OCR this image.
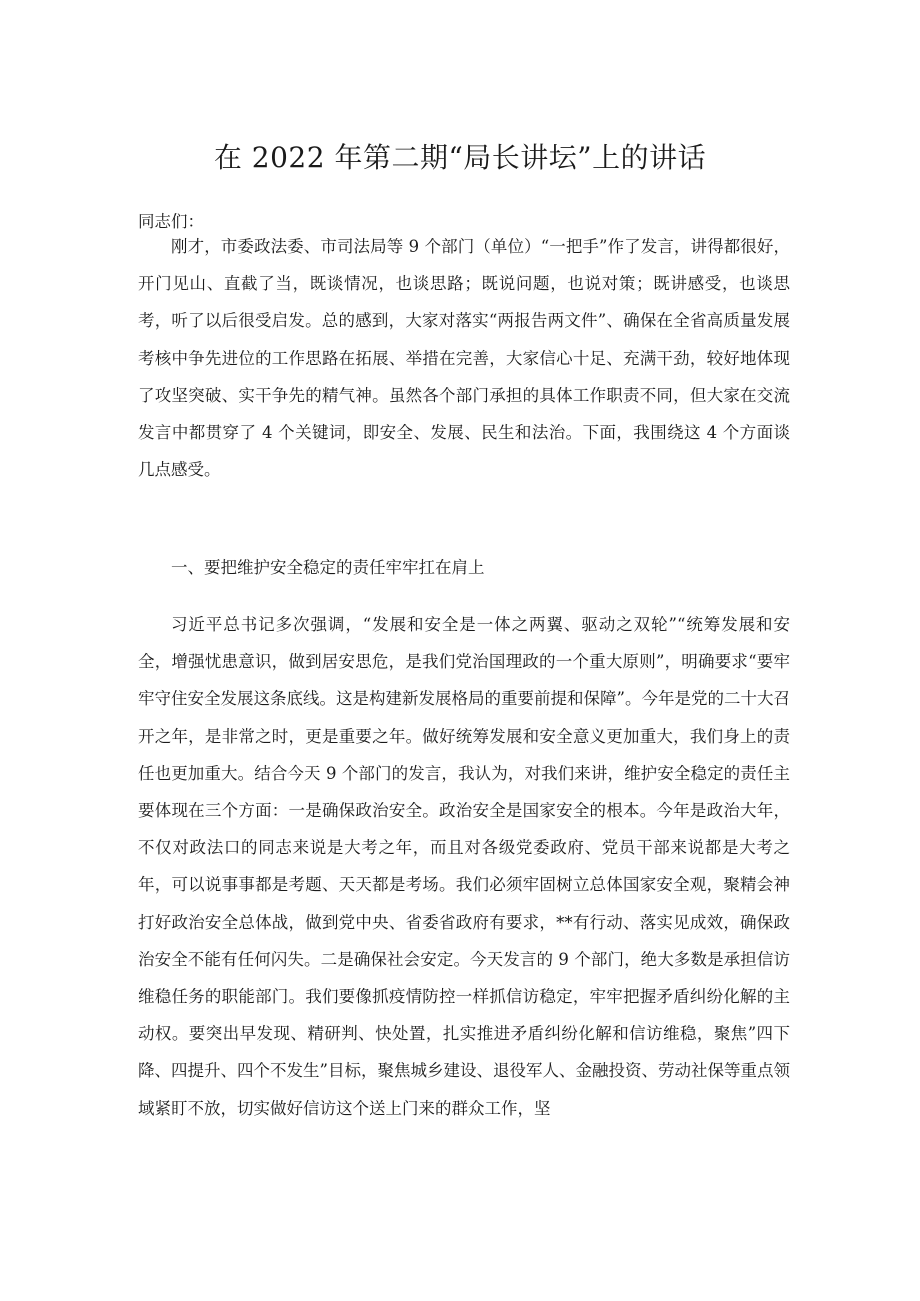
在 2022 年第二期“局长讲坛”上的讲话

同志们：

刚才，市委政法委、市司法局等 9 个部门（单位）“一把手”作了发言，讲得都很好，开门见山、直截了当，既谈情况，也谈思路；既说问题，也说对策；既讲感受，也谈思考，听了以后很受启发。总的感到，大家对落实“两报告两文件”、确保在全省高质量发展考核中争先进位的工作思路在拓展、举措在完善，大家信心十足、充满干劲，较好地体现了攻坚突破、实干争先的精气神。虽然各个部门承担的具体工作职责不同，但大家在交流发言中都贯穿了 4 个关键词，即安全、发展、民生和法治。下面，我围绕这 4 个方面谈几点感受。

一、要把维护安全稳定的责任牢牢扛在肩上

习近平总书记多次强调，“发展和安全是一体之两翼、驱动之双轮”“统筹发展和安全，增强忧患意识，做到居安思危，是我们党治国理政的一个重大原则”，明确要求“要牢牢守住安全发展这条底线。这是构建新发展格局的重要前提和保障”。今年是党的二十大召开之年，是非常之时，更是重要之年。做好统筹发展和安全意义更加重大，我们身上的责任也更加重大。结合今天 9 个部门的发言，我认为，对我们来讲，维护安全稳定的责任主要体现在三个方面：一是确保政治安全。政治安全是国家安全的根本。今年是政治大年，不仅对政法口的同志来说是大考之年，而且对各级党委政府、党员干部来说都是大考之年，可以说事事都是考题、天天都是考场。我们必须牢固树立总体国家安全观，聚精会神打好政治安全总体战，做到党中央、省委省政府有要求，**有行动、落实见成效，确保政治安全不能有任何闪失。二是确保社会安定。今天发言的 9 个部门，绝大多数是承担信访维稳任务的职能部门。我们要像抓疫情防控一样抓信访稳定，牢牢把握矛盾纠纷化解的主动权。要突出早发现、精研判、快处置，扎实推进矛盾纠纷化解和信访维稳，聚焦”四下降、四提升、四个不发生”目标，聚焦城乡建设、退役军人、金融投资、劳动社保等重点领域紧盯不放，切实做好信访这个送上门来的群众工作，坚
